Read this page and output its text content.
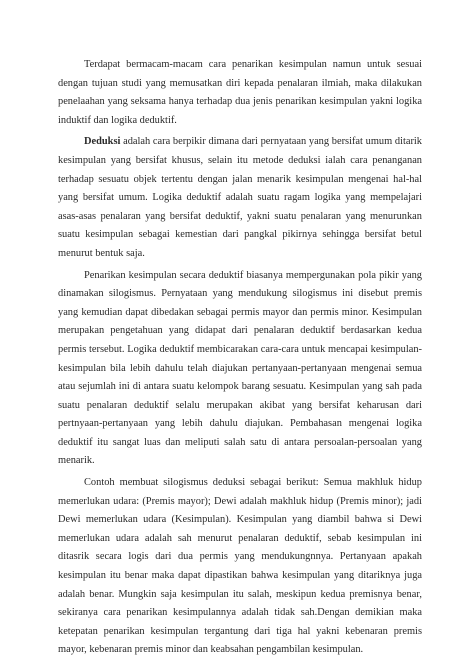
Terdapat bermacam-macam cara penarikan kesimpulan namun untuk sesuai dengan tujuan studi yang memusatkan diri kepada penalaran ilmiah, maka dilakukan penelaahan yang seksama hanya terhadap dua jenis penarikan kesimpulan yakni logika induktif dan logika deduktif.

Deduksi adalah cara berpikir dimana dari pernyataan yang bersifat umum ditarik kesimpulan yang bersifat khusus, selain itu metode deduksi ialah cara penanganan terhadap sesuatu objek tertentu dengan jalan menarik kesimpulan mengenai hal-hal yang bersifat umum. Logika deduktif adalah suatu ragam logika yang mempelajari asas-asas penalaran yang bersifat deduktif, yakni suatu penalaran yang menurunkan suatu kesimpulan sebagai kemestian dari pangkal pikirnya sehingga bersifat betul menurut bentuk saja.

Penarikan kesimpulan secara deduktif biasanya mempergunakan pola pikir yang dinamakan silogismus. Pernyataan yang mendukung silogismus ini disebut premis yang kemudian dapat dibedakan sebagai permis mayor dan permis minor. Kesimpulan merupakan pengetahuan yang didapat dari penalaran deduktif berdasarkan kedua permis tersebut. Logika deduktif membicarakan cara-cara untuk mencapai kesimpulan-kesimpulan bila lebih dahulu telah diajukan pertanyaan-pertanyaan mengenai semua atau sejumlah ini di antara suatu kelompok barang sesuatu. Kesimpulan yang sah pada suatu penalaran deduktif selalu merupakan akibat yang bersifat keharusan dari pertnyaan-pertanyaan yang lebih dahulu diajukan. Pembahasan mengenai logika deduktif itu sangat luas dan meliputi salah satu di antara persoalan-persoalan yang menarik.

Contoh membuat silogismus deduksi sebagai berikut: Semua makhluk hidup memerlukan udara: (Premis mayor); Dewi adalah makhluk hidup (Premis minor); jadi Dewi memerlukan udara (Kesimpulan). Kesimpulan yang diambil bahwa si Dewi memerlukan udara adalah sah menurut penalaran deduktif, sebab kesimpulan ini ditasrik secara logis dari dua permis yang mendukungnnya. Pertanyaan apakah kesimpulan itu benar maka dapat dipastikan bahwa kesimpulan yang ditariknya juga adalah benar. Mungkin saja kesimpulan itu salah, meskipun kedua premisnya benar, sekiranya cara penarikan kesimpulannya adalah tidak sah.Dengan demikian maka ketepatan penarikan kesimpulan tergantung dari tiga hal yakni kebenaran premis mayor, kebenaran premis minor dan keabsahan pengambilan kesimpulan.
